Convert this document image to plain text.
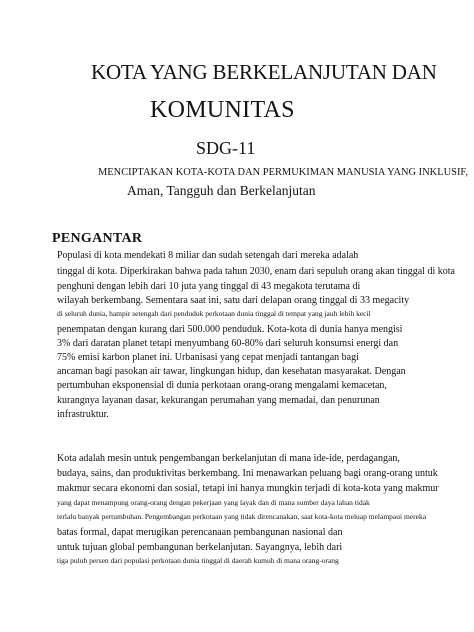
KOTA YANG BERKELANJUTAN DAN
KOMUNITAS
SDG-11
MENCIPTAKAN KOTA-KOTA DAN PERMUKIMAN MANUSIA YANG INKLUSIF,
Aman, Tangguh dan Berkelanjutan
PENGANTAR
Populasi di kota mendekati 8 miliar dan sudah setengah dari mereka adalah
tinggal di kota. Diperkirakan bahwa pada tahun 2030, enam dari sepuluh orang akan tinggal di kota
penghuni dengan lebih dari 10 juta yang tinggal di 43 megakota terutama di
wilayah berkembang. Sementara saat ini, satu dari delapan orang tinggal di 33 megacity
di seluruh dunia, hampir setengah dari penduduk perkotaan dunia tinggal di tempat yang jauh lebih kecil
penempatan dengan kurang dari 500.000 penduduk. Kota-kota di dunia hanya mengisi
3% dari daratan planet tetapi menyumbang 60-80% dari seluruh konsumsi energi dan
75% emisi karbon planet ini. Urbanisasi yang cepat menjadi tantangan bagi
ancaman bagi pasokan air tawar, lingkungan hidup, dan kesehatan masyarakat. Dengan
pertumbuhan eksponensial di dunia perkotaan orang-orang mengalami kemacetan,
kurangnya layanan dasar, kekurangan perumahan yang memadai, dan penurunan
infrastruktur.
Kota adalah mesin untuk pengembangan berkelanjutan di mana ide-ide, perdagangan,
budaya, sains, dan produktivitas berkembang. Ini menawarkan peluang bagi orang-orang untuk
makmur secara ekonomi dan sosial, tetapi ini hanya mungkin terjadi di kota-kota yang makmur
yang dapat menampung orang-orang dengan pekerjaan yang layak dan di mana sumber daya lahan tidak
terlalu banyak pertumbuhan. Pengembangan perkotaan yang tidak direncanakan, saat kota-kota meluap melampaui mereka
batas formal, dapat merugikan perencanaan pembangunan nasional dan
untuk tujuan global pembangunan berkelanjutan. Sayangnya, lebih dari
tiga puluh persen dari populasi perkotaan dunia tinggal di daerah kumuh di mana orang-orang
